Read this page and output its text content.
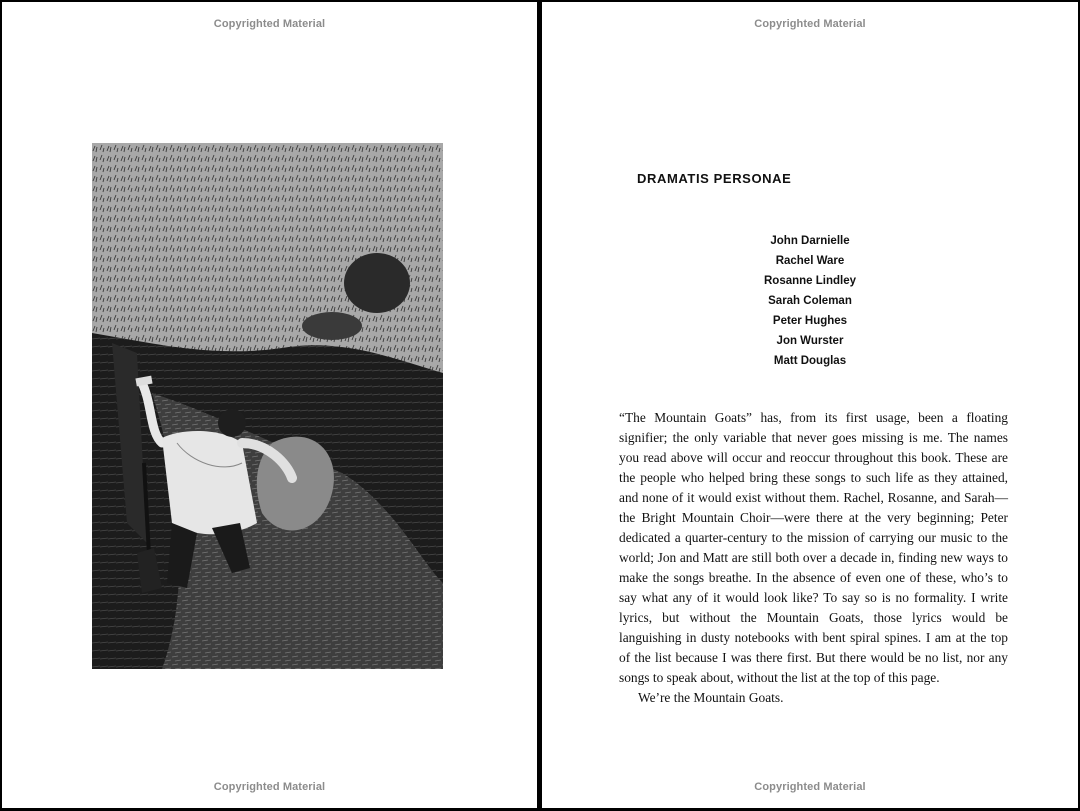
Copyrighted Material
Copyrighted Material
Copyrighted Material
DRAMATIS PERSONAE
John Darnielle
Rachel Ware
Rosanne Lindley
Sarah Coleman
Peter Hughes
Jon Wurster
Matt Douglas

“The Mountain Goats” has, from its first usage, been a floating signifier; the only variable that never goes missing is me. The names you read above will occur and reoccur throughout this book. These are the people who helped bring these songs to such life as they attained, and none of it would exist without them. Rachel, Rosanne, and Sarah—the Bright Mountain Choir—were there at the very beginning; Peter dedicated a quarter-century to the mission of carrying our music to the world; Jon and Matt are still both over a decade in, finding new ways to make the songs breathe. In the absence of even one of these, who’s to say what any of it would look like? To say so is no formality. I write lyrics, but without the Mountain Goats, those lyrics would be languishing in dusty notebooks with bent spiral spines. I am at the top of the list because I was there first. But there would be no list, nor any songs to speak about, without the list at the top of this page.

We’re the Mountain Goats.

Copyrighted Material
